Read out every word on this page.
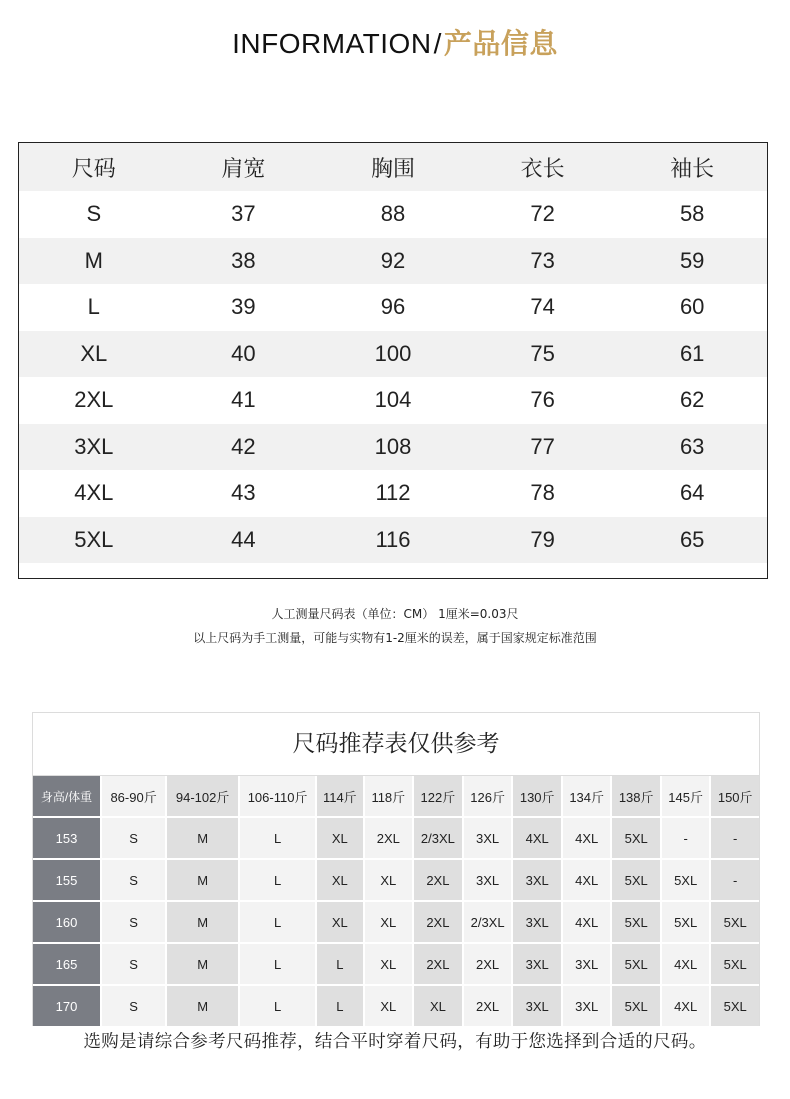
INFORMATION/产品信息
尺码	肩宽	胸围	衣长	袖长
S	37	88	72	58
M	38	92	73	59
L	39	96	74	60
XL	40	100	75	61
2XL	41	104	76	62
3XL	42	108	77	63
4XL	43	112	78	64
5XL	44	116	79	65
人工测量尺码表（单位：CM） 1厘米=0.03尺
以上尺码为手工测量，可能与实物有1-2厘米的误差，属于国家规定标准范围
尺码推荐表仅供参考
身高/体重	86-90斤	94-102斤	106-110斤	114斤	118斤	122斤	126斤	130斤	134斤	138斤	145斤	150斤
153	S	M	L	XL	2XL	2/3XL	3XL	4XL	4XL	5XL	-	-
155	S	M	L	XL	XL	2XL	3XL	3XL	4XL	5XL	5XL	-
160	S	M	L	XL	XL	2XL	2/3XL	3XL	4XL	5XL	5XL	5XL
165	S	M	L	L	XL	2XL	2XL	3XL	3XL	5XL	4XL	5XL
170	S	M	L	L	XL	XL	2XL	3XL	3XL	5XL	4XL	5XL
选购是请综合参考尺码推荐，结合平时穿着尺码，有助于您选择到合适的尺码。
